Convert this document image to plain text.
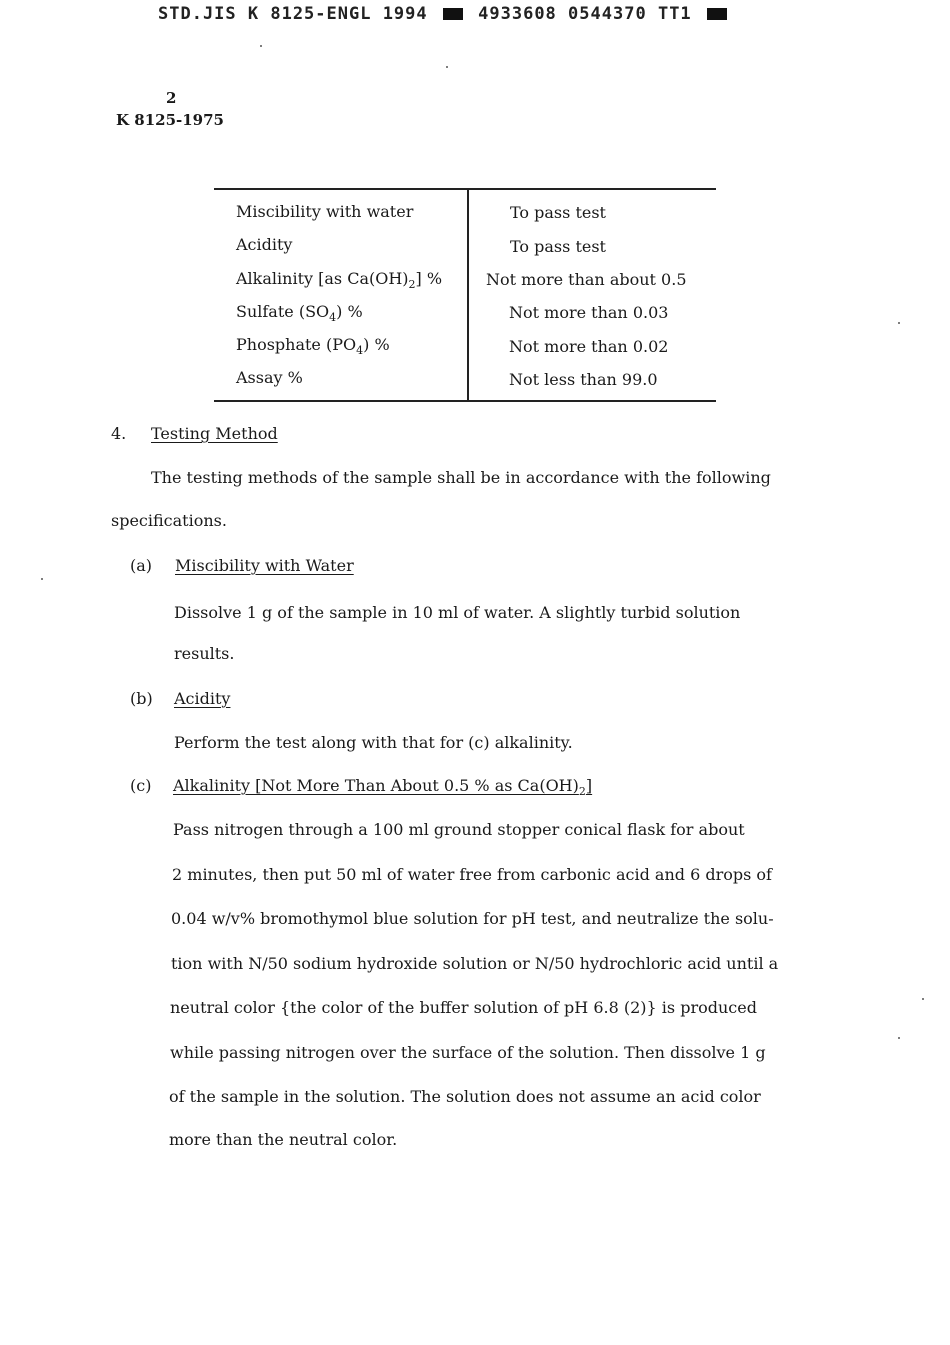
STD.JIS K 8125-ENGL 1994	4933608 0544370 TT1
2
K 8125-1975
Miscibility with water	To pass test
Acidity	To pass test
Alkalinity [as $Ca(OH)_2$] %	Not more than about 0.5
Sulfate $(SO_4)$ %	Not more than 0.03
Phosphate $(PO_4)$ %	Not more than 0.02
Assay %	Not less than 99.0
4. Testing Method
The testing methods of the sample shall be in accordance with the following
specifications.
(a) Miscibility with Water
Dissolve 1 g of the sample in 10 ml of water. A slightly turbid solution
results.
(b) Acidity
Perform the test along with that for (c) alkalinity.
(c) Alkalinity [Not More Than About 0.5 % as $Ca(OH)_2$]
Pass nitrogen through a 100 ml ground stopper conical flask for about
2 minutes, then put 50 ml of water free from carbonic acid and 6 drops of
0.04 w/v% bromothymol blue solution for pH test, and neutralize the solu-
tion with N/50 sodium hydroxide solution or N/50 hydrochloric acid until a
neutral color {the color of the buffer solution of pH 6.8 (2)} is produced
while passing nitrogen over the surface of the solution. Then dissolve 1 g
of the sample in the solution. The solution does not assume an acid color
more than the neutral color.
